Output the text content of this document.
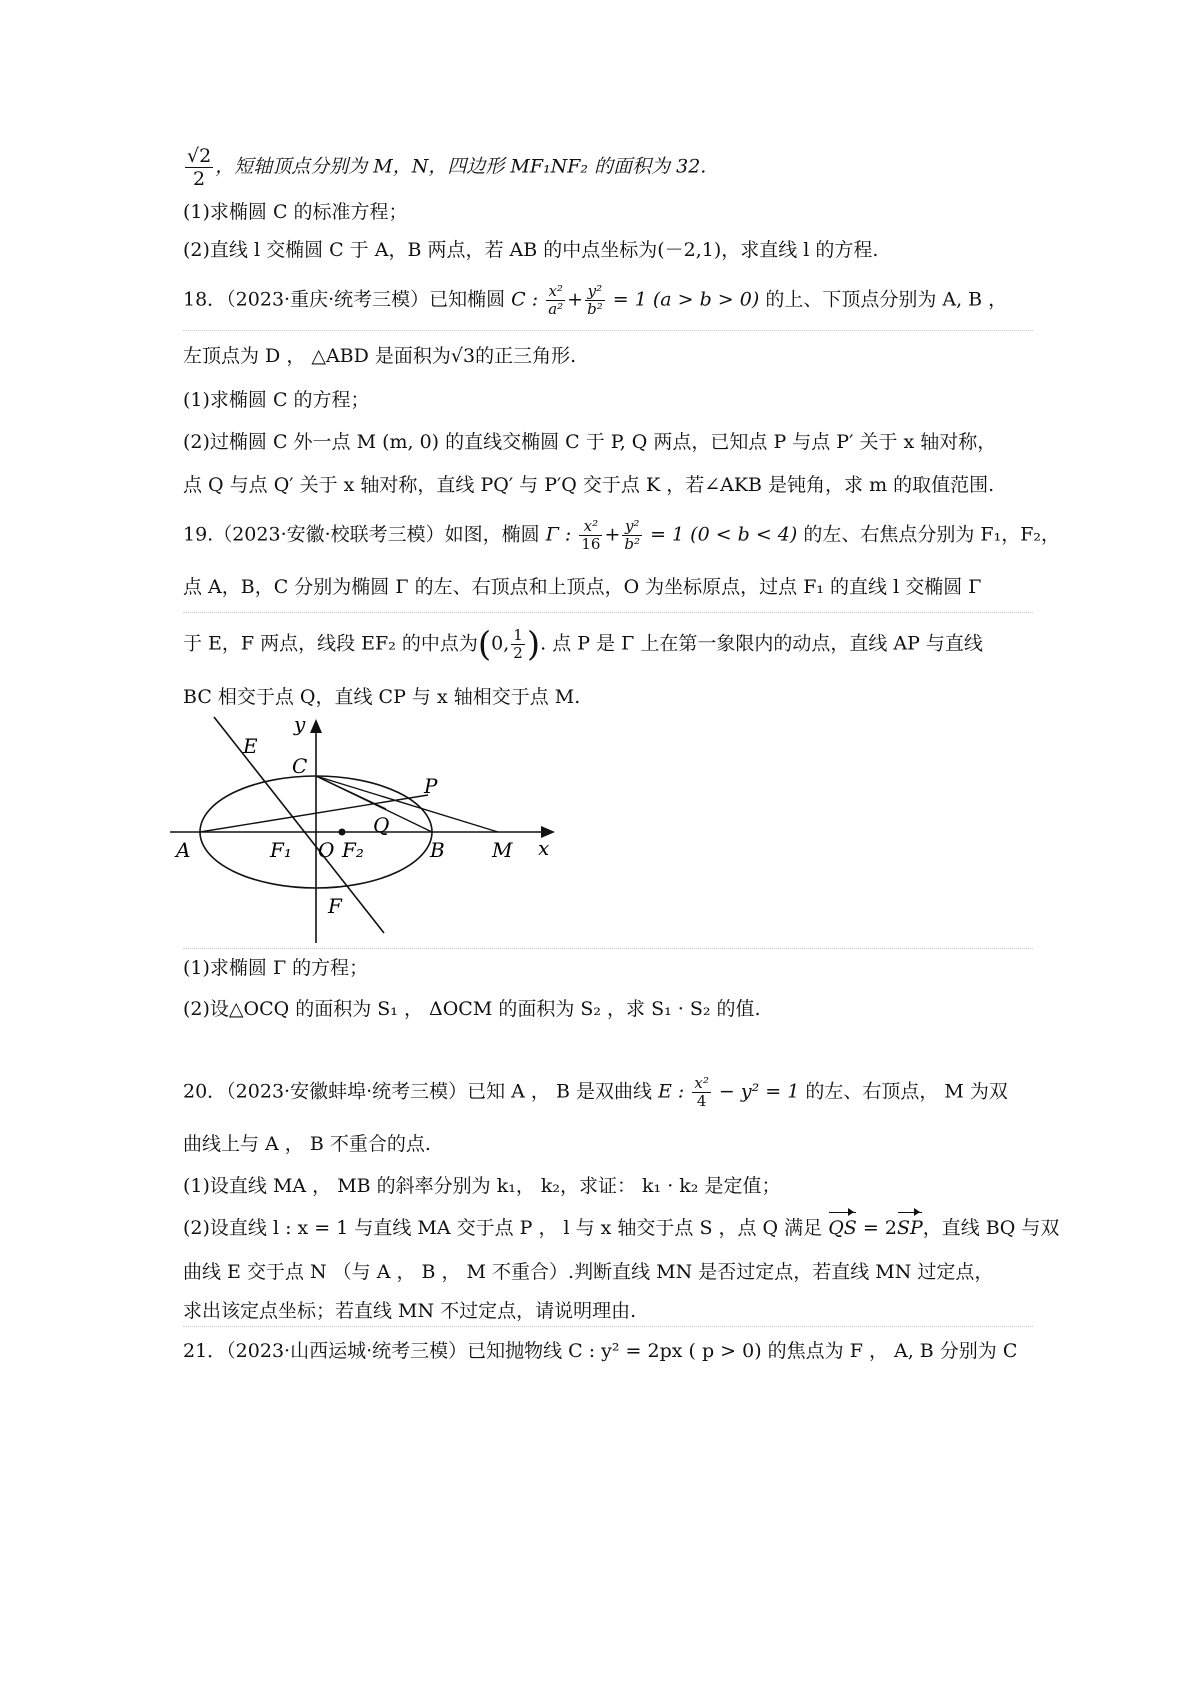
$\frac{√2}{2}$ ，短轴顶点分别为 M，N，四边形 MF₁NF₂ 的面积为 32.
(1)求椭圆 C 的标准方程；
(2)直线 l 交椭圆 C 于 A，B 两点，若 AB 的中点坐标为(－2,1)，求直线 l 的方程.
18．（2023·重庆·统考三模）已知椭圆 C : $\frac{\text{x²}}{\text{a²}} + \frac{\text{y²}}{\text{b²}} = 1$ (a > b > 0) 的上、下顶点分别为 A, B ，
左顶点为 D ， △ABD 是面积为√3的正三角形.
(1)求椭圆 C 的方程；
(2)过椭圆 C 外一点 M (m, 0) 的直线交椭圆 C 于 P, Q 两点，已知点 P 与点 P′ 关于 x 轴对称，
点 Q 与点 Q′ 关于 x 轴对称，直线 PQ′ 与 P′Q 交于点 K ，若∠AKB 是钝角，求 m 的取值范围.
19.（2023·安徽·校联考三模）如图，椭圆 Γ : $\frac{\text{x²}}{16} + \frac{\text{y²}}{\text{b²}} = 1$ (0 < b < 4) 的左、右焦点分别为 F₁，F₂，
点 A，B，C 分别为椭圆 Γ 的左、右顶点和上顶点，O 为坐标原点，过点 F₁ 的直线 l 交椭圆 Γ
于 E，F 两点，线段 EF₂ 的中点为(0, $\frac{1}{2}$ ). 点 P 是 Γ 上在第一象限内的动点，直线 AP 与直线
BC 相交于点 Q，直线 CP 与 x 轴相交于点 M.
y
x
C
E
P
Q
A	F₁ O F₂	B M
F
(1)求椭圆 Γ 的方程；
(2)设△OCQ 的面积为 S₁ ， ΔOCM 的面积为 S₂ ，求 S₁ · S₂ 的值.
20．（2023·安徽蚌埠·统考三模）已知 A ， B 是双曲线 E : $\frac{\text{x²}}{4} - y^2 = 1$ 的左、右顶点， M 为双
曲线上与 A ， B 不重合的点.
(1)设直线 MA ， MB 的斜率分别为 k₁， k₂，求证： k₁ · k₂ 是定值；
(2)设直线 l : x = 1 与直线 MA 交于点 P ， l 与 x 轴交于点 S ，点 Q 满足 QS = 2SP，直线 BQ 与双
曲线 E 交于点 N （与 A ， B ， M 不重合）.判断直线 MN 是否过定点，若直线 MN 过定点，
求出该定点坐标；若直线 MN 不过定点，请说明理由.
21．（2023·山西运城·统考三模）已知抛物线 C : y² = 2px ( p > 0) 的焦点为 F ， A, B 分别为 C
